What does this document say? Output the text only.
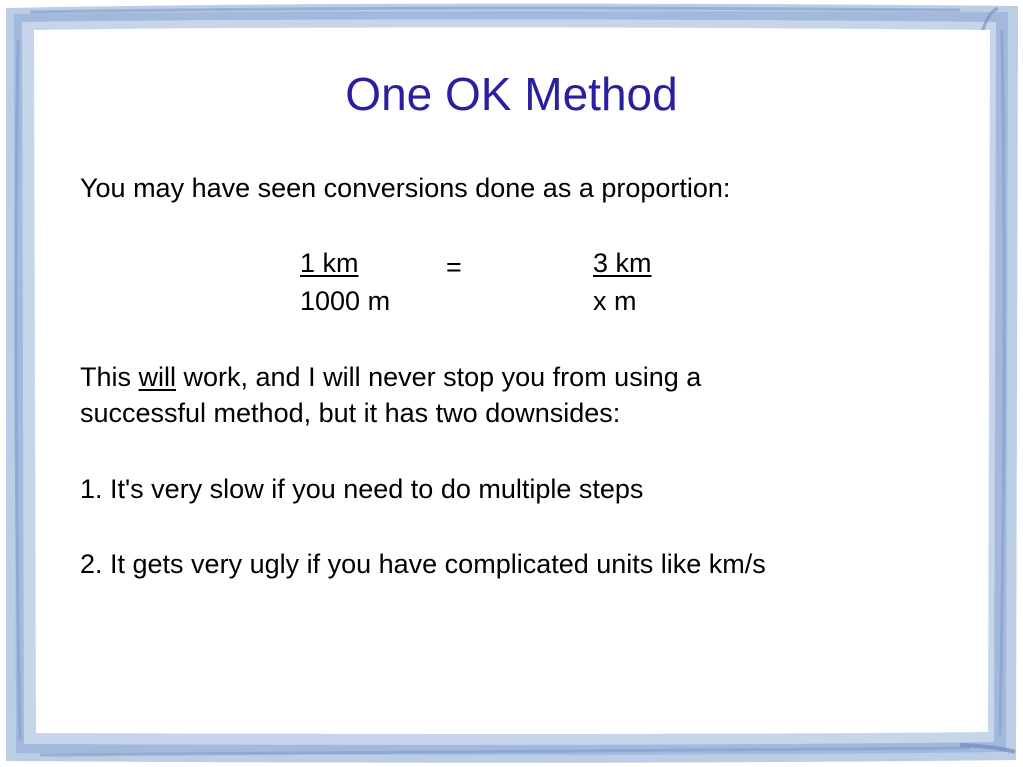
One OK Method
You may have seen conversions done as a proportion:
1 km	=	3 km
1000 m	x m
This will work, and I will never stop you from using a
successful method, but it has two downsides:
1. It's very slow if you need to do multiple steps
2. It gets very ugly if you have complicated units like km/s
